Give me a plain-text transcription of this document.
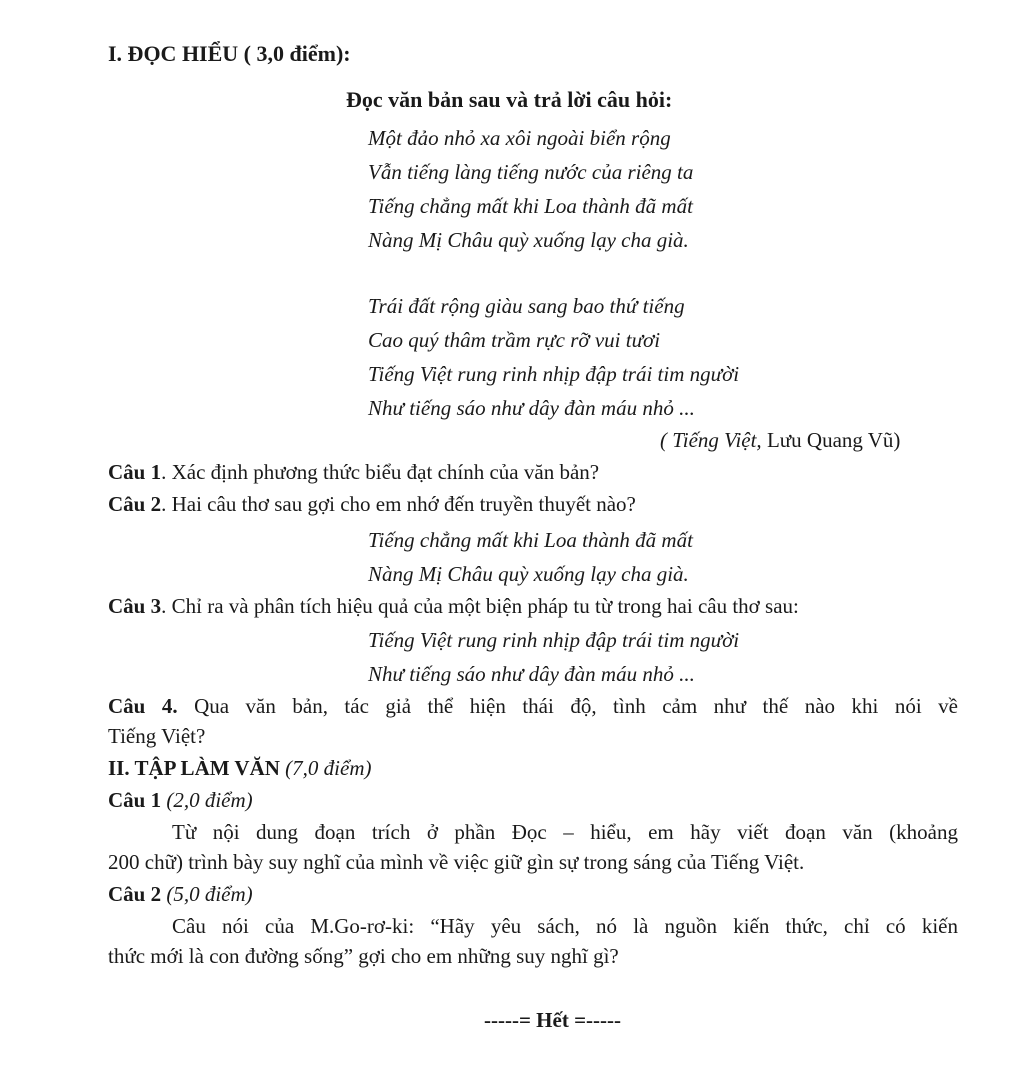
I. ĐỌC HIỂU ( 3,0 điểm):
Đọc văn bản sau và trả lời câu hỏi:
Một đảo nhỏ xa xôi ngoài biển rộng
Vẫn tiếng làng tiếng nước của riêng ta
Tiếng chẳng mất khi Loa thành đã mất
Nàng Mị Châu quỳ xuống lạy cha già.
Trái đất rộng giàu sang bao thứ tiếng
Cao quý thâm trầm rực rỡ vui tươi
Tiếng Việt rung rinh nhịp đập trái tim người
Như tiếng sáo như dây đàn máu nhỏ ...
( Tiếng Việt, Lưu Quang Vũ)
Câu 1. Xác định phương thức biểu đạt chính của văn bản?
Câu 2. Hai câu thơ sau gợi cho em nhớ đến truyền thuyết nào?
Tiếng chẳng mất khi Loa thành đã mất
Nàng Mị Châu quỳ xuống lạy cha già.
Câu 3. Chỉ ra và phân tích hiệu quả của một biện pháp tu từ trong hai câu thơ sau:
Tiếng Việt rung rinh nhịp đập trái tim người
Như tiếng sáo như dây đàn máu nhỏ ...
Câu 4. Qua văn bản, tác giả thể hiện thái độ, tình cảm như thế nào khi nói về
Tiếng Việt?
II. TẬP LÀM VĂN (7,0 điểm)
Câu 1 (2,0 điểm)
Từ nội dung đoạn trích ở phần Đọc – hiểu, em hãy viết đoạn văn (khoảng
200 chữ) trình bày suy nghĩ của mình về việc giữ gìn sự trong sáng của Tiếng Việt.
Câu 2 (5,0 điểm)
Câu nói của M.Go-rơ-ki: “Hãy yêu sách, nó là nguồn kiến thức, chỉ có kiến
thức mới là con đường sống” gợi cho em những suy nghĩ gì?
-----= Hết =-----
